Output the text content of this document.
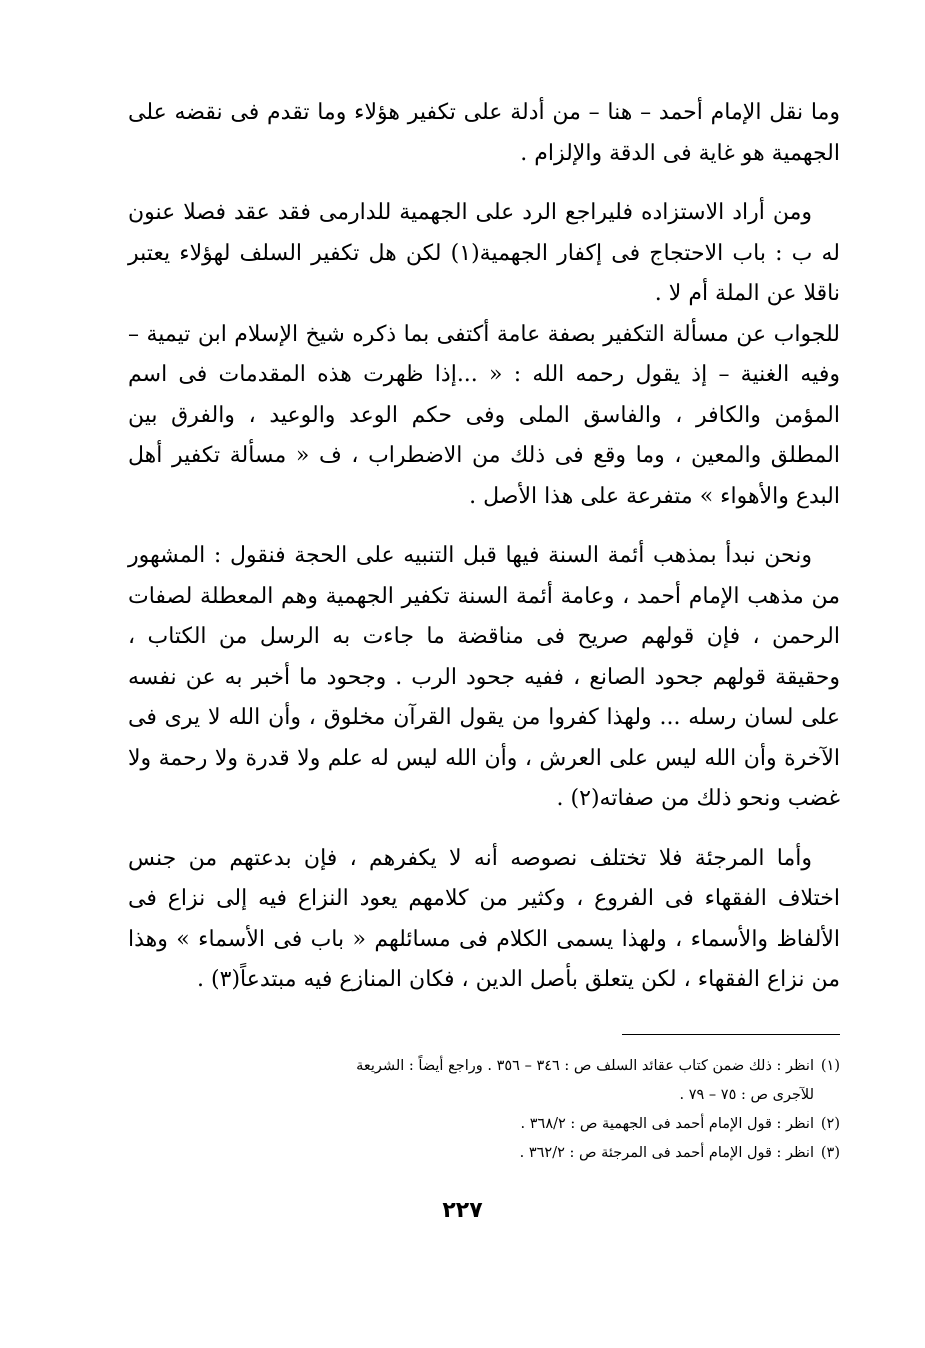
وما نقل الإمام أحمد – هنا – من أدلة على تكفير هؤلاء وما تقدم فى نقضه على الجهمية هو غاية فى الدقة والإلزام .

ومن أراد الاستزاده فليراجع الرد على الجهمية للدارمى فقد عقد فصلا عنون له ب : باب الاحتجاج فى إكفار الجهمية(١) لكن هل تكفير السلف لهؤلاء يعتبر ناقلا عن الملة أم لا .

للجواب عن مسألة التكفير بصفة عامة أكتفى بما ذكره شيخ الإسلام ابن تيمية – وفيه الغنية – إذ يقول رحمه الله : « ...إذا ظهرت هذه المقدمات فى اسم المؤمن والكافر ، والفاسق الملى وفى حكم الوعد والوعيد ، والفرق بين المطلق والمعين ، وما وقع فى ذلك من الاضطراب ، ف « مسألة تكفير أهل البدع والأهواء » متفرعة على هذا الأصل .

ونحن نبدأ بمذهب أئمة السنة فيها قبل التنبيه على الحجة فنقول : المشهور من مذهب الإمام أحمد ، وعامة أئمة السنة تكفير الجهمية وهم المعطلة لصفات الرحمن ، فإن قولهم صريح فى مناقضة ما جاءت به الرسل من الكتاب ، وحقيقة قولهم جحود الصانع ، ففيه جحود الرب . وجحود ما أخبر به عن نفسه على لسان رسله ... ولهذا كفروا من يقول القرآن مخلوق ، وأن الله لا يرى فى الآخرة وأن الله ليس على العرش ، وأن الله ليس له علم ولا قدرة ولا رحمة ولا غضب ونحو ذلك من صفاته(٢) .

وأما المرجئة فلا تختلف نصوصه أنه لا يكفرهم ، فإن بدعتهم من جنس اختلاف الفقهاء فى الفروع ، وكثير من كلامهم يعود النزاع فيه إلى نزاع فى الألفاظ والأسماء ، ولهذا يسمى الكلام فى مسائلهم « باب فى الأسماء » وهذا من نزاع الفقهاء ، لكن يتعلق بأصل الدين ، فكان المنازع فيه مبتدعاً(٣) .

(١)انظر : ذلك ضمن كتاب عقائد السلف ص : ٣٤٦ – ٣٥٦ . وراجع أيضاً : الشريعة

للآجرى ص : ٧٥ – ٧٩ .

(٢)انظر : قول الإمام أحمد فى الجهمية ص : ٣٦٨/٢ .

(٣)انظر : قول الإمام أحمد فى المرجئة ص : ٣٦٢/٢ .

٢٢٧
